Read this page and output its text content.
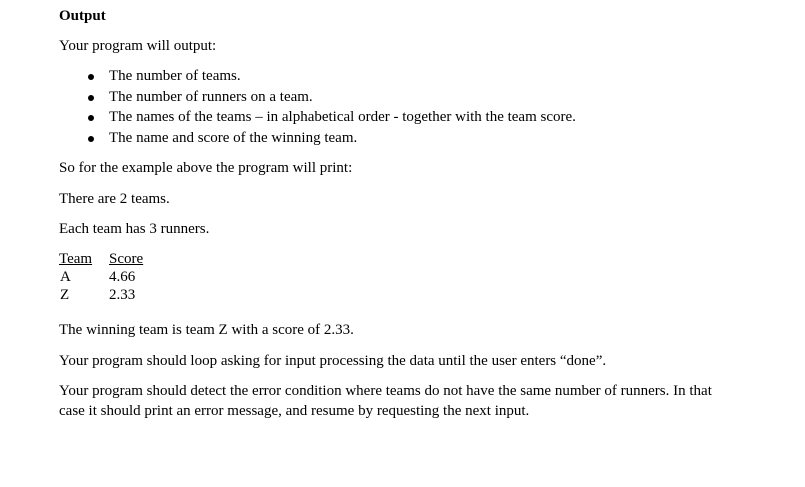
Output
Your program will output:
The number of teams.
The number of runners on a team.
The names of the teams – in alphabetical order - together with the team score.
The name and score of the winning team.
So for the example above the program will print:
There are 2 teams.
Each team has 3 runners.
Team	Score
A	4.66
Z	2.33
The winning team is team Z with a score of 2.33.
Your program should loop asking for input processing the data until the user enters “done”.
Your program should detect the error condition where teams do not have the same number of runners. In that case it should print an error message, and resume by requesting the next input.
